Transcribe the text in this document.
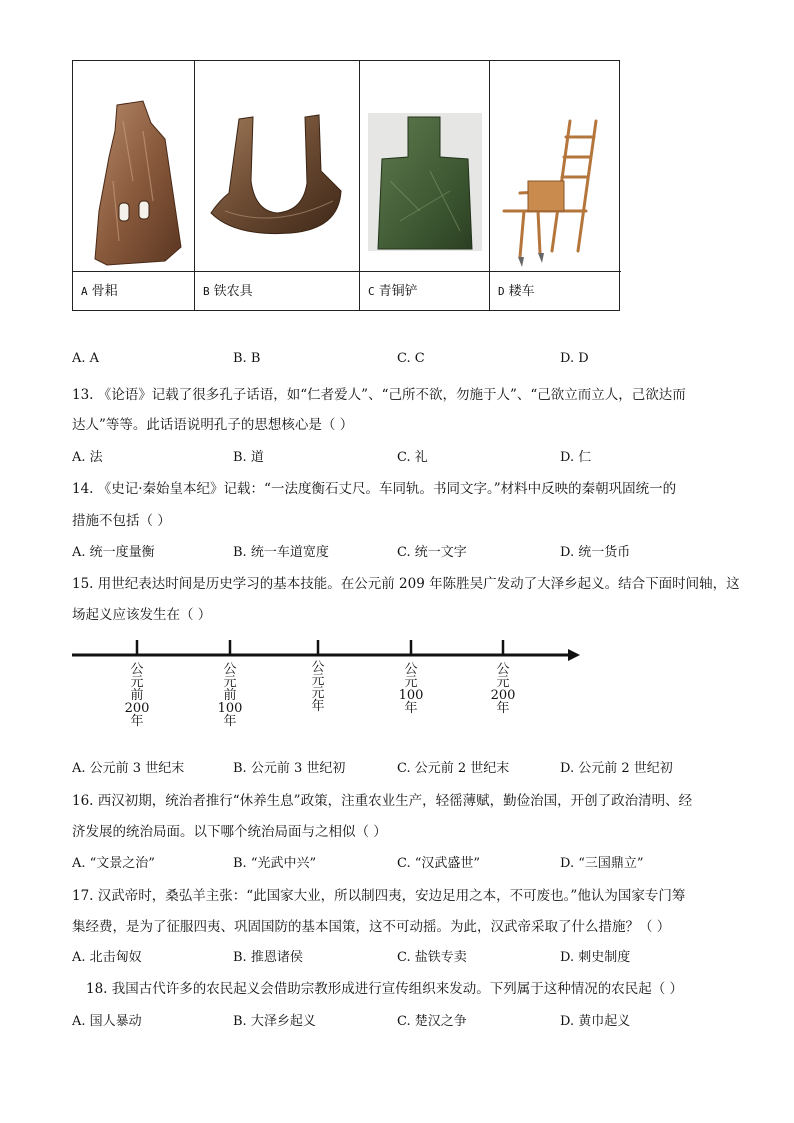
A 骨耜	B 铁农具	C 青铜铲	D 耧车
A. A	B. B	C. C	D. D
13. 《论语》记载了很多孔子话语，如“仁者爱人”、“己所不欲，勿施于人”、“己欲立而立人，己欲达而
达人”等等。此话语说明孔子的思想核心是（ ）
A. 法	B. 道	C. 礼	D. 仁
14. 《史记·秦始皇本纪》记载：“一法度衡石丈尺。车同轨。书同文字。”材料中反映的秦朝巩固统一的
措施不包括（ ）
A. 统一度量衡	B. 统一车道宽度	C. 统一文字	D. 统一货币
15. 用世纪表达时间是历史学习的基本技能。在公元前 209 年陈胜吴广发动了大泽乡起义。结合下面时间轴，这
场起义应该发生在（ ）
公
元
前
200
年
公
元
前
100
年
公
元
元
年
公
元
100
年
公
元
200
年
A. 公元前 3 世纪末	B. 公元前 3 世纪初	C. 公元前 2 世纪末	D. 公元前 2 世纪初
16. 西汉初期，统治者推行“休养生息”政策，注重农业生产，轻徭薄赋，勤俭治国，开创了政治清明、经
济发展的统治局面。以下哪个统治局面与之相似（ ）
A. “文景之治”	B. “光武中兴”	C. “汉武盛世”	D. “三国鼎立”
17. 汉武帝时，桑弘羊主张：“此国家大业，所以制四夷，安边足用之本，不可废也。”他认为国家专门筹
集经费，是为了征服四夷、巩固国防的基本国策，这不可动摇。为此，汉武帝采取了什么措施？（ ）
A. 北击匈奴	B. 推恩诸侯	C. 盐铁专卖	D. 刺史制度
18. 我国古代许多的农民起义会借助宗教形成进行宣传组织来发动。下列属于这种情况的农民起（ ）
A. 国人暴动	B. 大泽乡起义	C. 楚汉之争	D. 黄巾起义
